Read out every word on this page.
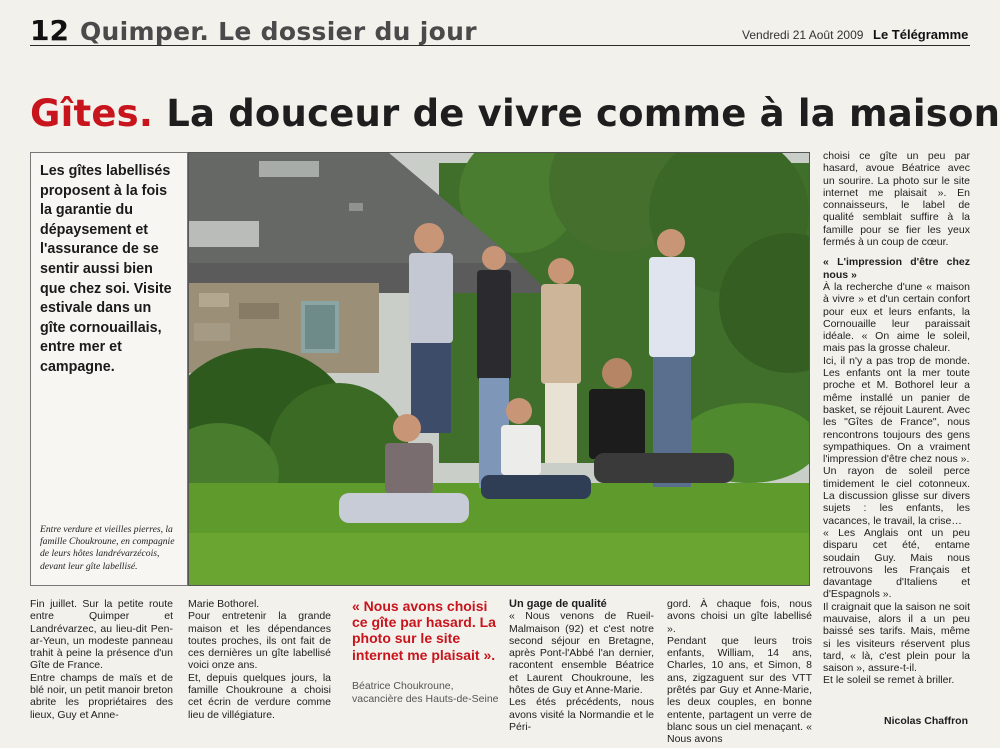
12 Quimper. Le dossier du jour	Vendredi 21 Août 2009 Le Télégramme
Gîtes. La douceur de vivre comme à la maison
Les gîtes labellisés proposent à la fois la garantie du dépaysement et l'assurance de se sentir aussi bien que chez soi. Visite estivale dans un gîte cornouaillais, entre mer et campagne.
Entre verdure et vieilles pierres, la famille Choukroune, en compagnie de leurs hôtes landrévarzécois, devant leur gîte labellisé.

choisi ce gîte un peu par hasard, avoue Béatrice avec un sourire. La photo sur le site internet me plaisait ». En connaisseurs, le label de qualité semblait suffire à la famille pour se fier les yeux fermés à un coup de cœur.

« L'impression d'être chez nous »

À la recherche d'une « maison à vivre » et d'un certain confort pour eux et leurs enfants, la Cornouaille leur paraissait idéale. « On aime le soleil, mais pas la grosse chaleur.

Ici, il n'y a pas trop de monde. Les enfants ont la mer toute proche et M. Bothorel leur a même installé un panier de basket, se réjouit Laurent. Avec les "Gîtes de France", nous rencontrons toujours des gens sympathiques. On a vraiment l'impression d'être chez nous ».

Un rayon de soleil perce timidement le ciel cotonneux. La discussion glisse sur divers sujets : les enfants, les vacances, le travail, la crise…

« Les Anglais ont un peu disparu cet été, entame soudain Guy. Mais nous retrouvons les Français et davantage d'Italiens et d'Espagnols ».

Il craignait que la saison ne soit mauvaise, alors il a un peu baissé ses tarifs. Mais, même si les visiteurs réservent plus tard, « là, c'est plein pour la saison », assure-t-il.

Et le soleil se remet à briller.

Fin juillet. Sur la petite route entre Quimper et Landrévarzec, au lieu-dit Pen-ar-Yeun, un modeste panneau trahit à peine la présence d'un Gîte de France.

Entre champs de maïs et de blé noir, un petit manoir breton abrite les propriétaires des lieux, Guy et Anne-

Marie Bothorel.

Pour entretenir la grande maison et les dépendances toutes proches, ils ont fait de ces dernières un gîte labellisé voici onze ans.

Et, depuis quelques jours, la famille Choukroune a choisi cet écrin de verdure comme lieu de villégiature.

« Nous avons choisi ce gîte par hasard. La photo sur le site internet me plaisait ».
Béatrice Choukroune, vacancière des Hauts-de-Seine

Un gage de qualité

« Nous venons de Rueil-Malmaison (92) et c'est notre second séjour en Bretagne, après Pont-l'Abbé l'an dernier, racontent ensemble Béatrice et Laurent Choukroune, les hôtes de Guy et Anne-Marie.

Les étés précédents, nous avons visité la Normandie et le Péri-

gord. À chaque fois, nous avons choisi un gîte labellisé ».

Pendant que leurs trois enfants, William, 14 ans, Charles, 10 ans, et Simon, 8 ans, zigzaguent sur des VTT prêtés par Guy et Anne-Marie, les deux couples, en bonne entente, partagent un verre de blanc sous un ciel menaçant. « Nous avons

Nicolas Chaffron
